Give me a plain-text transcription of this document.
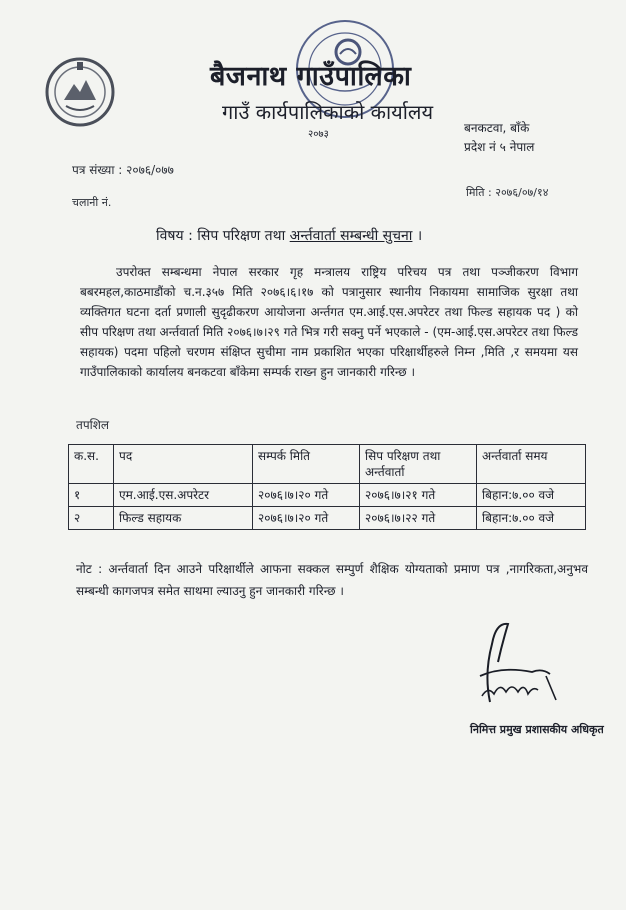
बैजनाथ गाउँपालिका
गाउँ कार्यपालिकाको कार्यालय
२०७३	बनकटवा, बाँके
प्रदेश नं ५ नेपाल
पत्र संख्या : २०७६/०७७
चलानी नं.
मिति : २०७६/०७/१४
विषय : सिप परिक्षण तथा अर्न्तवार्ता सम्बन्धी सुचना ।
उपरोक्त सम्बन्धमा नेपाल सरकार गृह मन्त्रालय राष्ट्रिय परिचय पत्र तथा पञ्जीकरण विभाग बबरमहल,काठमाडौंको च.न.३५७ मिति २०७६।६।१७ को पत्रानुसार स्थानीय निकायमा सामाजिक सुरक्षा तथा व्यक्तिगत घटना दर्ता प्रणाली सुदृढीकरण आयोजना अर्न्तगत एम.आई.एस.अपरेटर तथा फिल्ड सहायक पद ) को सीप परिक्षण तथा अर्न्तवार्ता मिति २०७६।७।२९ गते भित्र गरी सक्नु पर्ने भएकाले - (एम-आई.एस.अपरेटर तथा फिल्ड सहायक) पदमा पहिलो चरणम संक्षिप्त सुचीमा नाम प्रकाशित भएका परिक्षार्थीहरुले निम्न ,मिति ,र समयमा यस गाउँपालिकाको कार्यालय बनकटवा बाँकेमा सम्पर्क राख्न हुन जानकारी गरिन्छ ।
तपशिल
क.स.	पद	सम्पर्क मिति	सिप परिक्षण तथा अर्न्तवार्ता	अर्न्तवार्ता समय
१	एम.आई.एस.अपरेटर	२०७६।७।२० गते	२०७६।७।२१ गते	बिहान:७.०० वजे
२	फिल्ड सहायक	२०७६।७।२० गते	२०७६।७।२२ गते	बिहान:७.०० वजे
नोट : अर्न्तवार्ता दिन आउने परिक्षार्थीले आफना सक्कल सम्पुर्ण शैक्षिक योग्यताको प्रमाण पत्र ,नागरिकता,अनुभव सम्बन्धी कागजपत्र समेत साथमा ल्याउनु हुन जानकारी गरिन्छ ।
निमित्त प्रमुख प्रशासकीय अधिकृत
